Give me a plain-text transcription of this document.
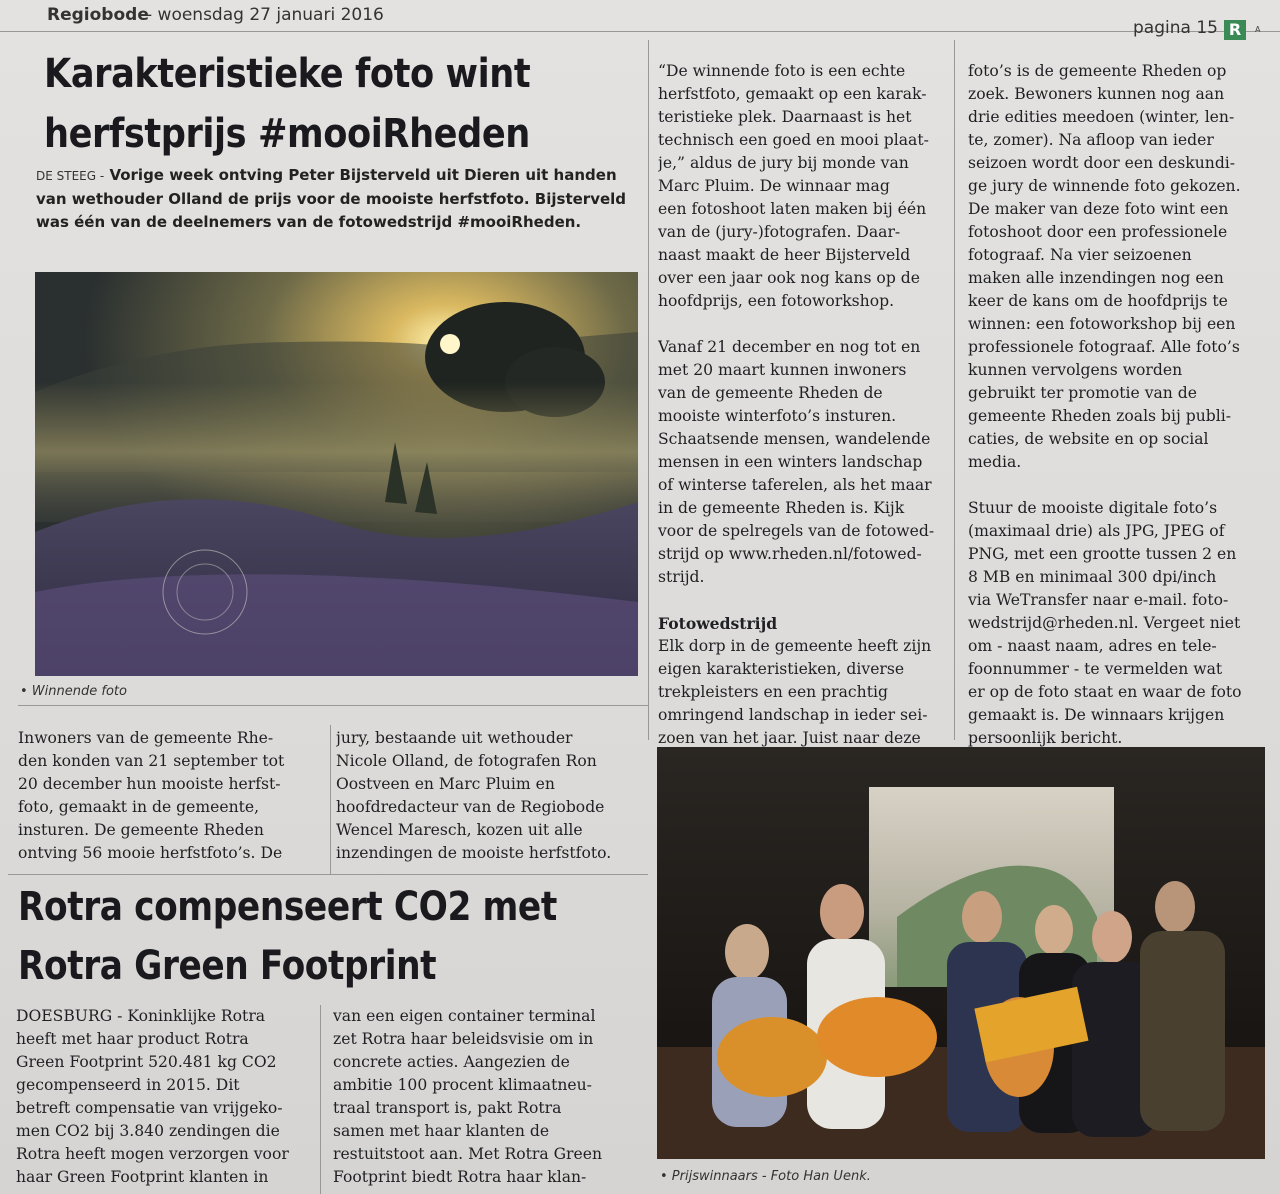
Regiobode
- woensdag 27 januari 2016
pagina 15 R	A
Karakteristieke foto wint
herfstprijs #mooiRheden
DE STEEG - Vorige week ontving Peter Bijsterveld uit Dieren uit handen van wethouder Olland de prijs voor de mooiste herfstfoto. Bijsterveld was één van de deelnemers van de fotowedstrijd #mooiRheden.
• Winnende foto
Inwoners van de gemeente Rhe-
den konden van 21 september tot
20 december hun mooiste herfst-
foto, gemaakt in de gemeente,
insturen. De gemeente Rheden
ontving 56 mooie herfstfoto’s. De
jury, bestaande uit wethouder
Nicole Olland, de fotografen Ron
Oostveen en Marc Pluim en
hoofdredacteur van de Regiobode
Wencel Maresch, kozen uit alle
inzendingen de mooiste herfstfoto.

“De winnende foto is een echte
herfstfoto, gemaakt op een karak-
teristieke plek. Daarnaast is het
technisch een goed en mooi plaat-
je,” aldus de jury bij monde van
Marc Pluim. De winnaar mag
een fotoshoot laten maken bij één
van de (jury-)fotografen. Daar-
naast maakt de heer Bijsterveld
over een jaar ook nog kans op de
hoofdprijs, een fotoworkshop.

Vanaf 21 december en nog tot en
met 20 maart kunnen inwoners
van de gemeente Rheden de
mooiste winterfoto’s insturen.
Schaatsende mensen, wandelende
mensen in een winters landschap
of winterse taferelen, als het maar
in de gemeente Rheden is. Kijk
voor de spelregels van de fotowed-
strijd op www.rheden.nl/fotowed-
strijd.

Fotowedstrijd
Elk dorp in de gemeente heeft zijn
eigen karakteristieken, diverse
trekpleisters en een prachtig
omringend landschap in ieder sei-
zoen van het jaar. Juist naar deze

foto’s is de gemeente Rheden op
zoek. Bewoners kunnen nog aan
drie edities meedoen (winter, len-
te, zomer). Na afloop van ieder
seizoen wordt door een deskundi-
ge jury de winnende foto gekozen.
De maker van deze foto wint een
fotoshoot door een professionele
fotograaf. Na vier seizoenen
maken alle inzendingen nog een
keer de kans om de hoofdprijs te
winnen: een fotoworkshop bij een
professionele fotograaf. Alle foto’s
kunnen vervolgens worden
gebruikt ter promotie van de
gemeente Rheden zoals bij publi-
caties, de website en op social
media.

Stuur de mooiste digitale foto’s
(maximaal drie) als JPG, JPEG of
PNG, met een grootte tussen 2 en
8 MB en minimaal 300 dpi/inch
via WeTransfer naar e-mail. foto-
wedstrijd@rheden.nl. Vergeet niet
om - naast naam, adres en tele-
foonnummer - te vermelden wat
er op de foto staat en waar de foto
gemaakt is. De winnaars krijgen
persoonlijk bericht.

• Prijswinnaars - Foto Han Uenk.
Rotra compenseert CO2 met
Rotra Green Footprint
DOESBURG - Koninklijke Rotra
heeft met haar product Rotra
Green Footprint 520.481 kg CO2
gecompenseerd in 2015. Dit
betreft compensatie van vrijgeko-
men CO2 bij 3.840 zendingen die
Rotra heeft mogen verzorgen voor
haar Green Footprint klanten in
van een eigen container terminal
zet Rotra haar beleidsvisie om in
concrete acties. Aangezien de
ambitie 100 procent klimaatneu-
traal transport is, pakt Rotra
samen met haar klanten de
restuitstoot aan. Met Rotra Green
Footprint biedt Rotra haar klan-
